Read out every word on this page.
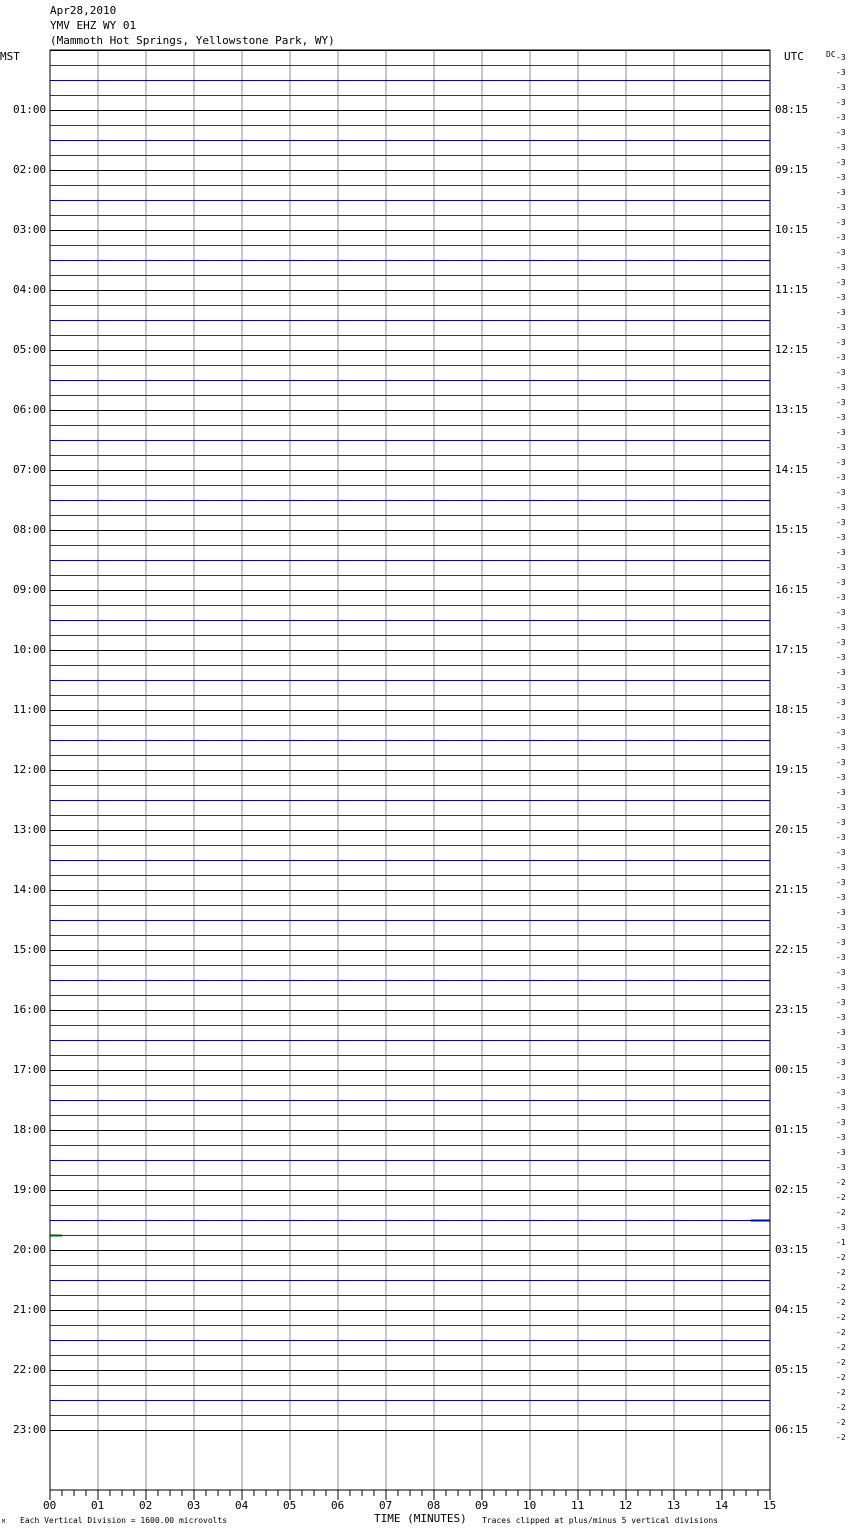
Apr28,2010
YMV EHZ WY 01
(Mammoth Hot Springs, Yellowstone Park, WY)
MST	UTC	DC
01:00
02:00
03:00
04:00
05:00
06:00
07:00
08:00
09:00
10:00
11:00
12:00
13:00
14:00
15:00
16:00
17:00
18:00
19:00
20:00
21:00
22:00
23:00
08:15
09:15
10:15
11:15
12:15
13:15
14:15
15:15
16:15
17:15
18:15
19:15
20:15
21:15
22:15
23:15
00:15
01:15
02:15
03:15
04:15
05:15
06:15
-3
-3
-3
-3
-3
-3
-3
-3
-3
-3
-3
-3
-3
-3
-3
-3
-3
-3
-3
-3
-3
-3
-3
-3
-3
-3
-3
-3
-3
-3
-3
-3
-3
-3
-3
-3
-3
-3
-3
-3
-3
-3
-3
-3
-3
-3
-3
-3
-3
-3
-3
-3
-3
-3
-3
-3
-3
-3
-3
-3
-3
-3
-3
-3
-3
-3
-3
-3
-3
-3
-3
-3
-3
-3
-3
-2
-2
-2
-3
-1
-2
-2
-2
-2
-2
-2
-2
-2
-2
-2
-2
-2
-2
00	01	02	03	04	05	06	07	08	09	10	11	12	13	14	15
TIME (MINUTES)
Each Vertical Division = 1600.00 microvolts	Traces clipped at plus/minus 5 vertical divisions
M
